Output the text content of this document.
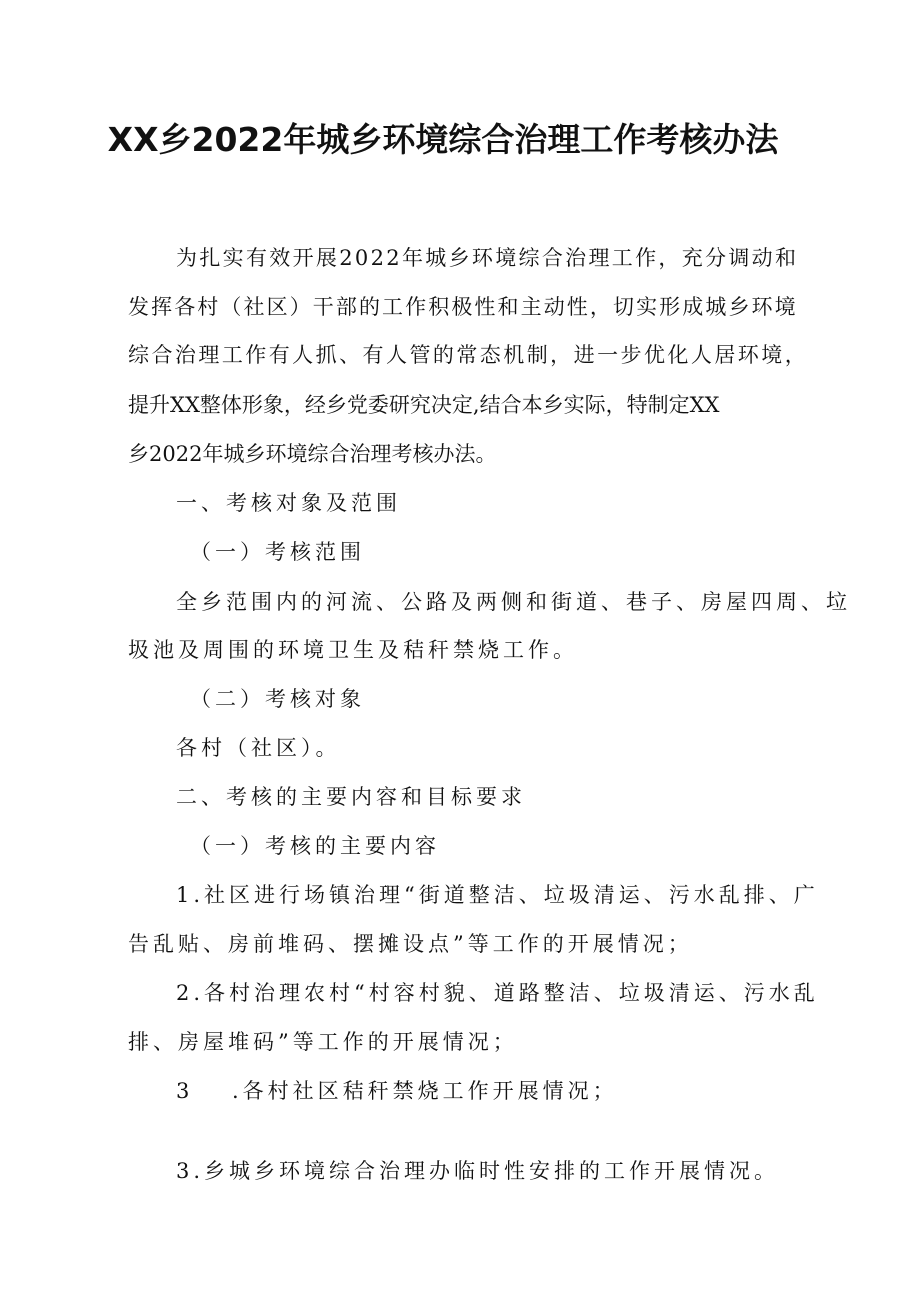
XX乡2022年城乡环境综合治理工作考核办法

为 扎 实 有 效 开 展 2 0 2 2 年 城 乡 环 境 综 合 治 理 工 作 ， 充 分 调 动 和

发 挥 各 村 （ 社 区 ） 干 部 的 工 作 积 极 性 和 主 动 性 ， 切 实 形 成 城 乡 环 境

综 合 治 理 工 作 有 人 抓 、 有 人 管 的 常 态 机 制 ， 进 一 步 优 化 人 居 环 境 ，

提升XX整体形象，经乡党委研究决定,结合本乡实际，特制定XX

乡2022年城乡环境综合治理考核办法。

一、考核对象及范围

（一）考核范围

全乡范围内的河流、公路及两侧和街道、巷子、房屋四周、垃

圾池及周围的环境卫生及秸秆禁烧工作。

（二）考核对象

各村（社区）。

二、考核的主要内容和目标要求

（一）考核的主要内容

1.社区进行场镇治理“街道整洁、垃圾清运、污水乱排、广

告乱贴、房前堆码、摆摊设点”等工作的开展情况；

2.各村治理农村“村容村貌、道路整洁、垃圾清运、污水乱

排、房屋堆码”等工作的开展情况；

3 .各村社区秸秆禁烧工作开展情况；

3.乡城乡环境综合治理办临时性安排的工作开展情况。
